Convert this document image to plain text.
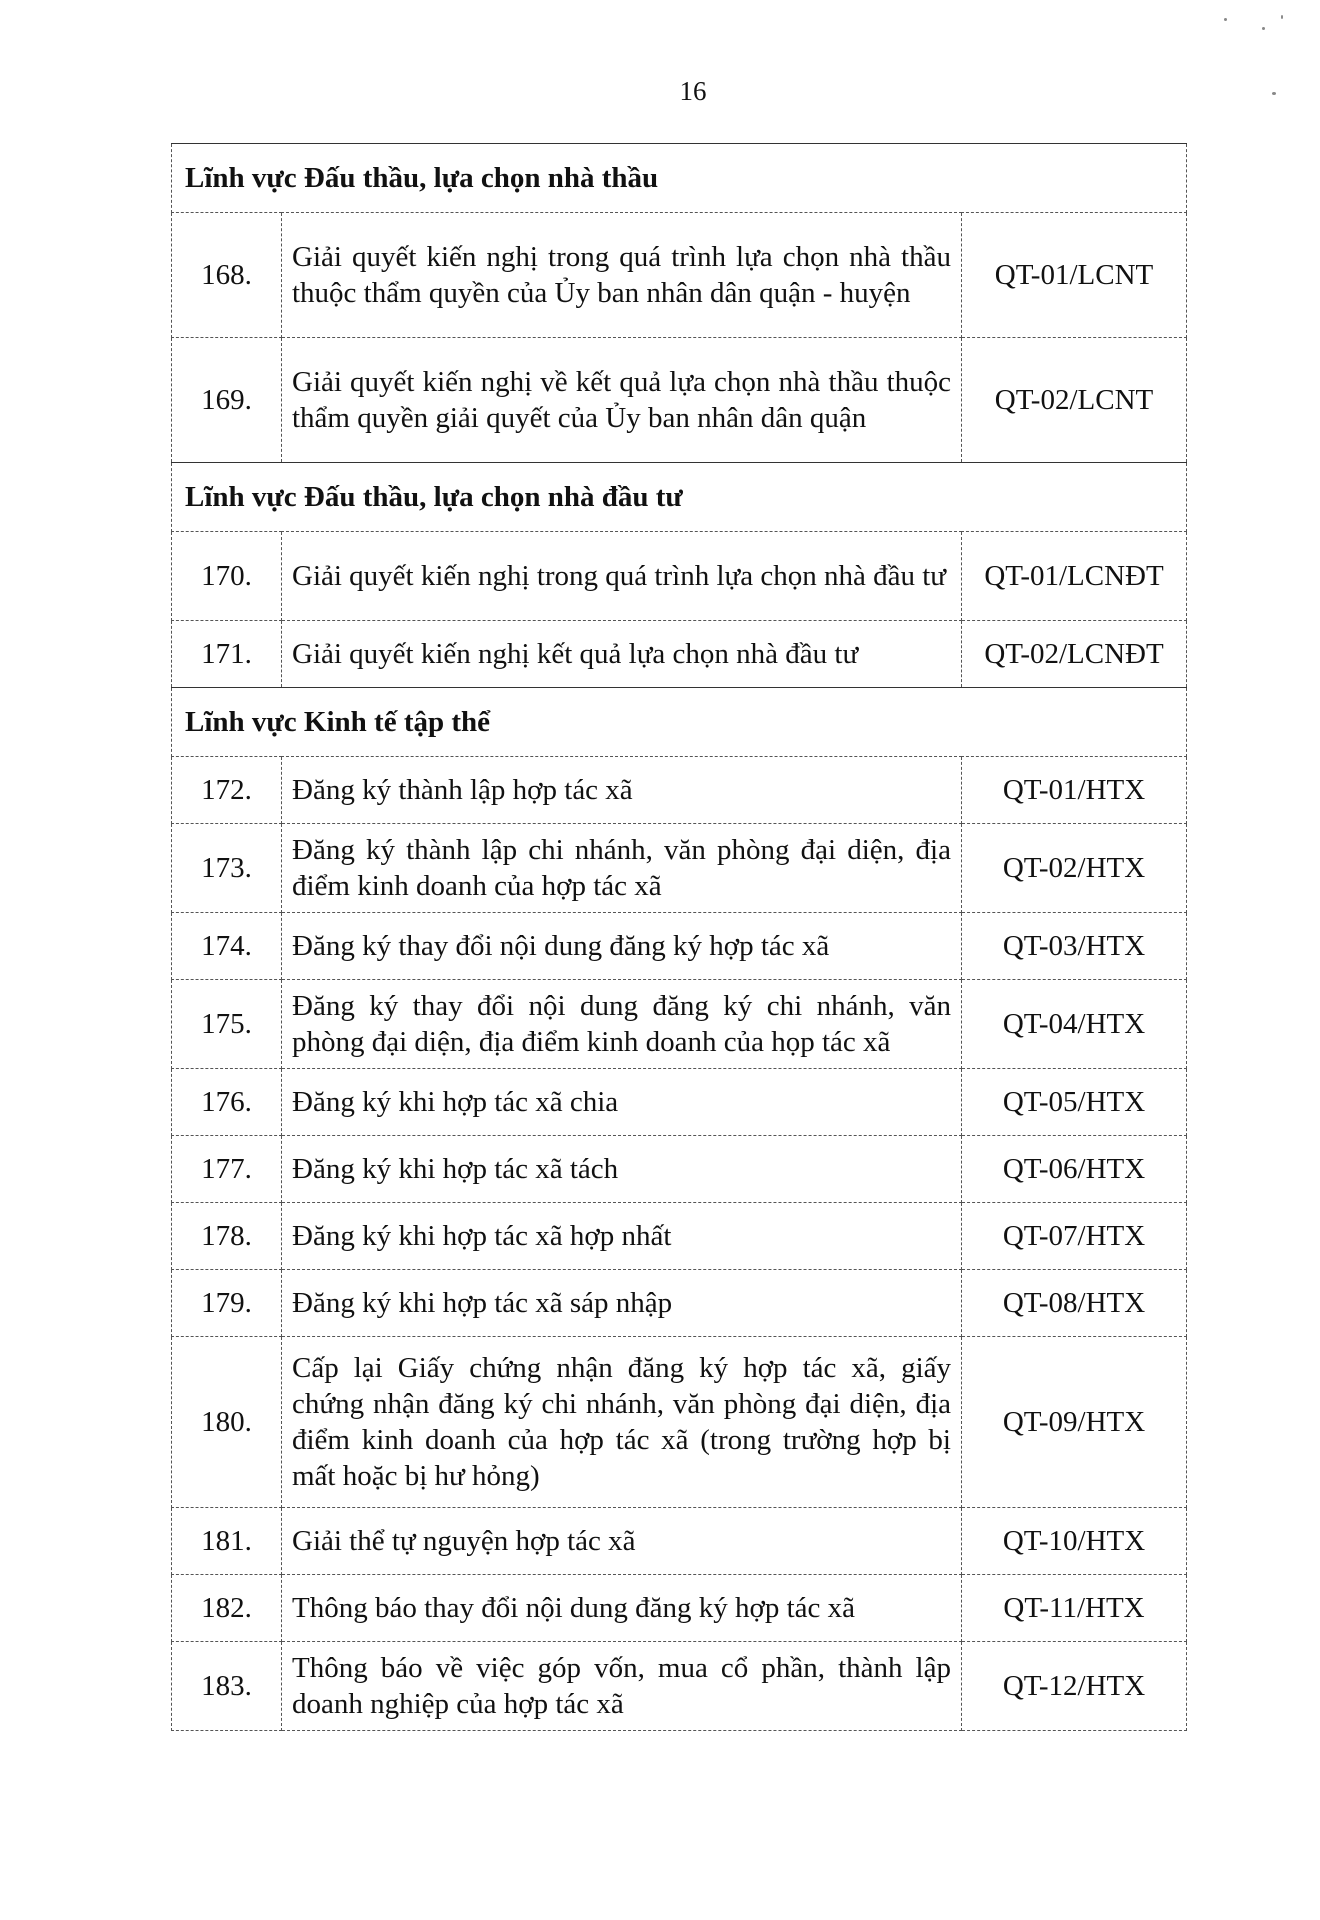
16
Lĩnh vực Đấu thầu, lựa chọn nhà thầu		
168.	Giải quyết kiến nghị trong quá trình lựa chọn nhà thầu thuộc thẩm quyền của Ủy ban nhân dân quận - huyện	QT-01/LCNT
169.	Giải quyết kiến nghị về kết quả lựa chọn nhà thầu thuộc thẩm quyền giải quyết của Ủy ban nhân dân quận	QT-02/LCNT
Lĩnh vực Đấu thầu, lựa chọn nhà đầu tư		
170.	Giải quyết kiến nghị trong quá trình lựa chọn nhà đầu tư	QT-01/LCNĐT
171.	Giải quyết kiến nghị kết quả lựa chọn nhà đầu tư	QT-02/LCNĐT
Lĩnh vực Kinh tế tập thể		
172.	Đăng ký thành lập hợp tác xã	QT-01/HTX
173.	Đăng ký thành lập chi nhánh, văn phòng đại diện, địa điểm kinh doanh của hợp tác xã	QT-02/HTX
174.	Đăng ký thay đổi nội dung đăng ký hợp tác xã	QT-03/HTX
175.	Đăng ký thay đổi nội dung đăng ký chi nhánh, văn phòng đại diện, địa điểm kinh doanh của họp tác xã	QT-04/HTX
176.	Đăng ký khi hợp tác xã chia	QT-05/HTX
177.	Đăng ký khi hợp tác xã tách	QT-06/HTX
178.	Đăng ký khi hợp tác xã hợp nhất	QT-07/HTX
179.	Đăng ký khi hợp tác xã sáp nhập	QT-08/HTX
180.	Cấp lại Giấy chứng nhận đăng ký hợp tác xã, giấy chứng nhận đăng ký chi nhánh, văn phòng đại diện, địa điểm kinh doanh của hợp tác xã (trong trường hợp bị mất hoặc bị hư hỏng)	QT-09/HTX
181.	Giải thể tự nguyện hợp tác xã	QT-10/HTX
182.	Thông báo thay đổi nội dung đăng ký hợp tác xã	QT-11/HTX
183.	Thông báo về việc góp vốn, mua cổ phần, thành lập doanh nghiệp của hợp tác xã	QT-12/HTX
